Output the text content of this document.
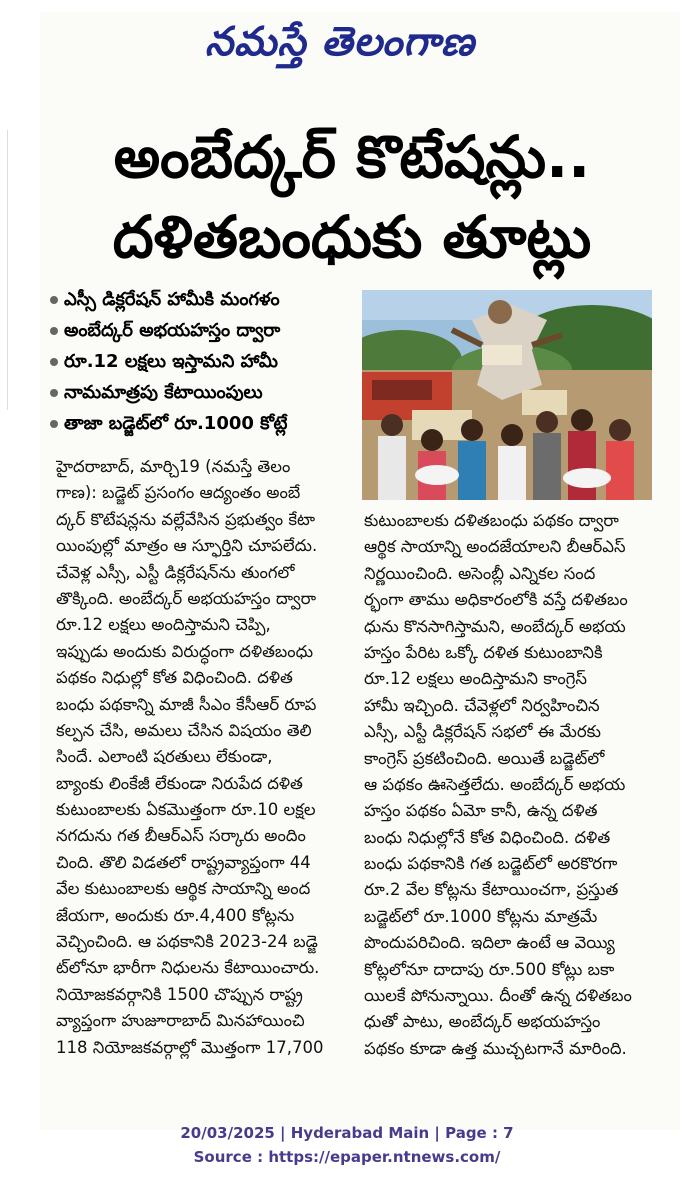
నమస్తే తెలంగాణ
అంబేద్కర్ కొటేషన్లు..
దళితబంధుకు తూట్లు
ఎస్సీ డిక్లరేషన్ హామీకి మంగళం
అంబేద్కర్ అభయహస్తం ద్వారా
రూ.12 లక్షలు ఇస్తామని హామీ
నామమాత్రపు కేటాయింపులు
తాజా బడ్జెట్‌లో రూ.1000 కోట్లే
హైదరాబాద్, మార్చి19 (నమస్తే తెలం
గాణ): బడ్జెట్ ప్రసంగం ఆద్యంతం అంబే
ద్కర్ కొటేషన్లను వల్లేవేసిన ప్రభుత్వం కేటా
యింపుల్లో మాత్రం ఆ స్ఫూర్తిని చూపలేదు.
చేవెళ్ల ఎస్సీ, ఎస్టీ డిక్లరేషన్‌ను తుంగలో
తొక్కింది. అంబేద్కర్ అభయహస్తం ద్వారా
రూ.12 లక్షలు అందిస్తామని చెప్పి,
ఇప్పుడు అందుకు విరుద్ధంగా దళితబంధు
పథకం నిధుల్లో కోత విధించింది. దళిత
బంధు పథకాన్ని మాజీ సీఎం కేసీఆర్ రూప
కల్పన చేసి, అమలు చేసిన విషయం తెలి
సిందే. ఎలాంటి షరతులు లేకుండా,
బ్యాంకు లింకేజీ లేకుండా నిరుపేద దళిత
కుటుంబాలకు ఏకమొత్తంగా రూ.10 లక్షల
నగదును గత బీఆర్‌ఎస్ సర్కారు అందిం
చింది. తొలి విడతలో రాష్ట్రవ్యాప్తంగా 44
వేల కుటుంబాలకు ఆర్థిక సాయాన్ని అంద
జేయగా, అందుకు రూ.4,400 కోట్లను
వెచ్చించింది. ఆ పథకానికి 2023-24 బడ్జె
ట్‌లోనూ భారీగా నిధులను కేటాయించారు.
నియోజకవర్గానికి 1500 చొప్పున రాష్ట్ర
వ్యాప్తంగా హుజూరాబాద్ మినహాయించి
118 నియోజకవర్గాల్లో మొత్తంగా 17,700
కుటుంబాలకు దళితబంధు పథకం ద్వారా
ఆర్థిక సాయాన్ని అందజేయాలని బీఆర్‌ఎస్
నిర్ణయించింది. అసెంబ్లీ ఎన్నికల సంద
ర్భంగా తాము అధికారంలోకి వస్తే దళితబం
ధును కొనసాగిస్తామని, అంబేద్కర్ అభయ
హస్తం పేరిట ఒక్కో దళిత కుటుంబానికి
రూ.12 లక్షలు అందిస్తామని కాంగ్రెస్
హామీ ఇచ్చింది. చేవెళ్లలో నిర్వహించిన
ఎస్సీ, ఎస్టీ డిక్లరేషన్ సభలో ఈ మేరకు
కాంగ్రెస్ ప్రకటించింది. అయితే బడ్జెట్‌లో
ఆ పథకం ఊసెత్తలేదు. అంబేద్కర్ అభయ
హస్తం పథకం ఏమో కానీ, ఉన్న దళిత
బంధు నిధుల్లోనే కోత విధించింది. దళిత
బంధు పథకానికి గత బడ్జెట్‌లో అరకొరగా
రూ.2 వేల కోట్లను కేటాయించగా, ప్రస్తుత
బడ్జెట్‌లో రూ.1000 కోట్లను మాత్రమే
పొందుపరిచింది. ఇదిలా ఉంటే ఆ వెయ్యి
కోట్లలోనూ దాదాపు రూ.500 కోట్లు బకా
యిలకే పోనున్నాయి. దీంతో ఉన్న దళితబం
ధుతో పాటు, అంబేద్కర్ అభయహస్తం
పథకం కూడా ఉత్త ముచ్చటగానే మారింది.
20/03/2025 | Hyderabad Main | Page : 7
Source : https://epaper.ntnews.com/
